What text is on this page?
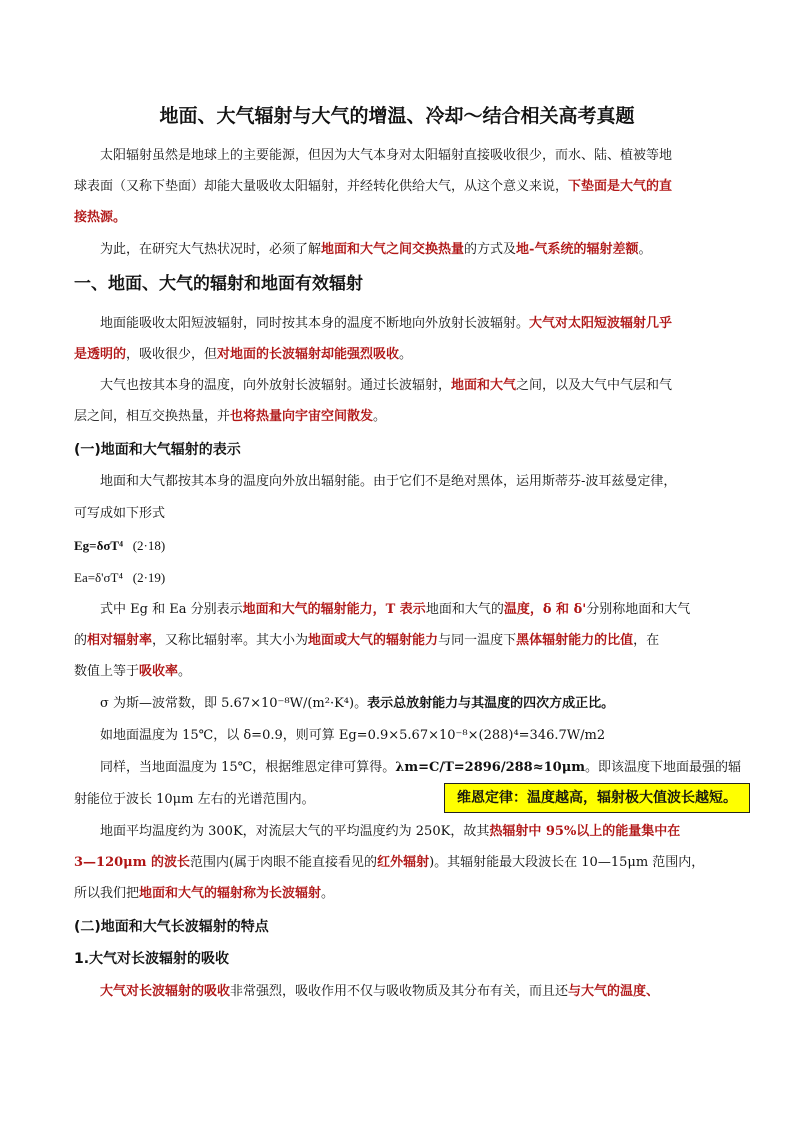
地面、大气辐射与大气的增温、冷却～结合相关高考真题
太阳辐射虽然是地球上的主要能源，但因为大气本身对太阳辐射直接吸收很少，而水、陆、植被等地
球表面（又称下垫面）却能大量吸收太阳辐射，并经转化供给大气，从这个意义来说，下垫面是大气的直
接热源。
为此，在研究大气热状况时，必须了解地面和大气之间交换热量的方式及地-气系统的辐射差额。
一、地面、大气的辐射和地面有效辐射
地面能吸收太阳短波辐射，同时按其本身的温度不断地向外放射长波辐射。大气对太阳短波辐射几乎
是透明的，吸收很少，但对地面的长波辐射却能强烈吸收。
大气也按其本身的温度，向外放射长波辐射。通过长波辐射，地面和大气之间，以及大气中气层和气
层之间，相互交换热量，并也将热量向宇宙空间散发。
(一)地面和大气辐射的表示
地面和大气都按其本身的温度向外放出辐射能。由于它们不是绝对黑体，运用斯蒂芬-波耳兹曼定律，
可写成如下形式
Eg=δσT⁴ (2·18)
Ea=δ'σT⁴ (2·19)
式中 Eg 和 Ea 分别表示地面和大气的辐射能力，T 表示地面和大气的温度，δ 和 δ'分别称地面和大气
的相对辐射率，又称比辐射率。其大小为地面或大气的辐射能力与同一温度下黑体辐射能力的比值，在
数值上等于吸收率。
σ 为斯—波常数，即 5.67×10⁻⁸W/(m²·K⁴)。表示总放射能力与其温度的四次方成正比。
如地面温度为 15℃，以 δ=0.9，则可算 Eg=0.9×5.67×10⁻⁸×(288)⁴=346.7W/m2
同样，当地面温度为 15℃，根据维恩定律可算得。λm=C/T=2896/288≈10μm。即该温度下地面最强的辐
射能位于波长 10μm 左右的光谱范围内。	维恩定律：温度越高，辐射极大值波长越短。
地面平均温度约为 300K，对流层大气的平均温度约为 250K，故其热辐射中 95%以上的能量集中在
3—120μm 的波长范围内(属于肉眼不能直接看见的红外辐射)。其辐射能最大段波长在 10—15μm 范围内，
所以我们把地面和大气的辐射称为长波辐射。
(二)地面和大气长波辐射的特点
1.大气对长波辐射的吸收
大气对长波辐射的吸收非常强烈，吸收作用不仅与吸收物质及其分布有关，而且还与大气的温度、
